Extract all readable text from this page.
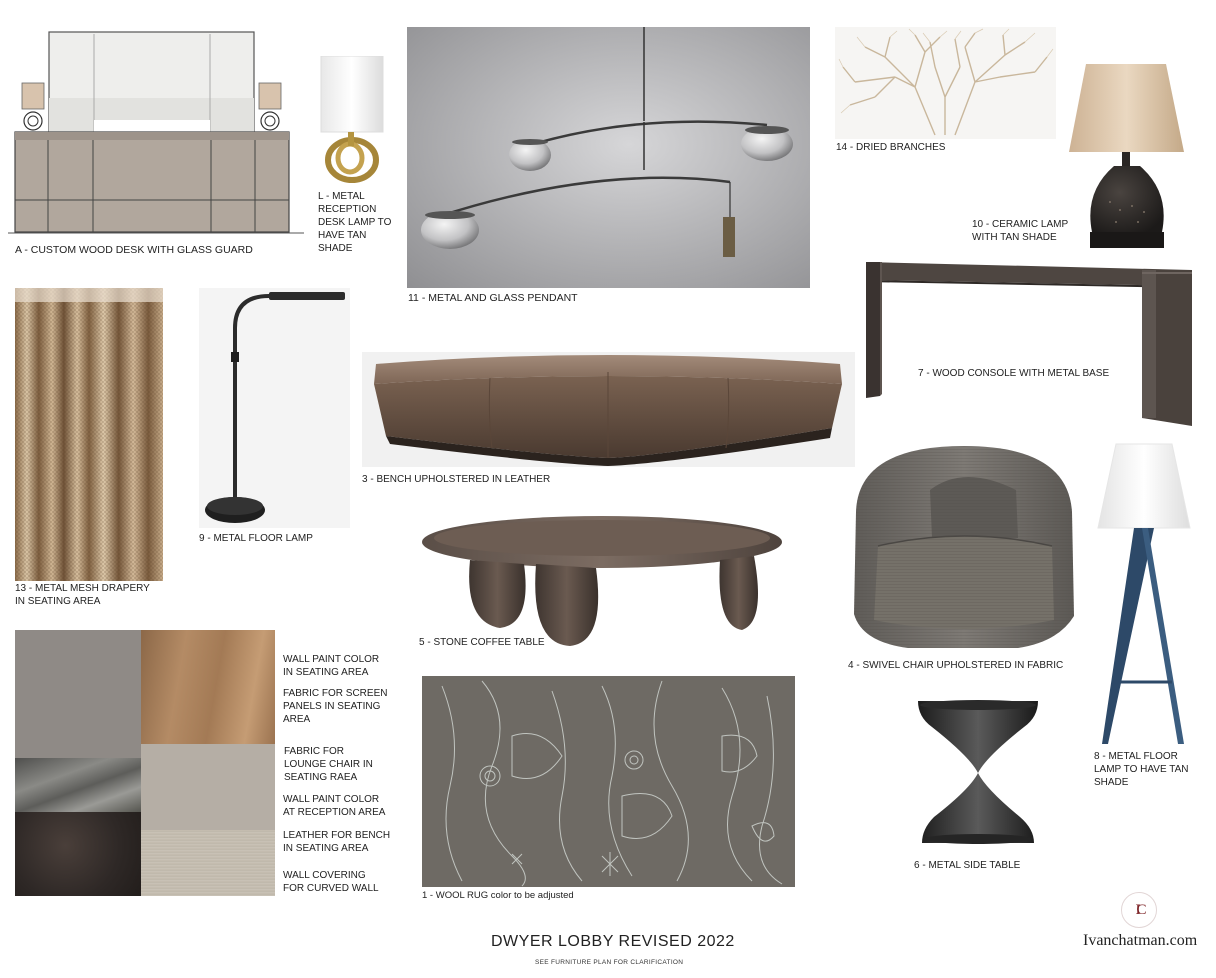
A - CUSTOM WOOD DESK WITH GLASS GUARD
L - METAL
RECEPTION
DESK LAMP TO
HAVE TAN
SHADE
11 - METAL AND GLASS PENDANT
14 - DRIED BRANCHES
10 - CERAMIC LAMP
WITH TAN SHADE
7 - WOOD CONSOLE WITH METAL BASE
13 - METAL MESH DRAPERY
IN SEATING AREA
9 - METAL FLOOR LAMP
3 - BENCH UPHOLSTERED IN LEATHER
5 - STONE COFFEE TABLE
4 - SWIVEL CHAIR UPHOLSTERED IN FABRIC
8 - METAL FLOOR
LAMP TO HAVE TAN
SHADE
6 - METAL SIDE TABLE
1 - WOOL RUG color to be adjusted
WALL PAINT COLOR
IN SEATING AREA
FABRIC FOR SCREEN
PANELS IN SEATING
AREA
FABRIC FOR
LOUNGE CHAIR IN
SEATING RAEA
WALL PAINT COLOR
AT RECEPTION AREA
LEATHER FOR BENCH
IN SEATING AREA
WALL COVERING
FOR CURVED WALL
DWYER LOBBY REVISED 2022
SEE FURNITURE PLAN FOR CLARIFICATION
IC
Ivanchatman.com
